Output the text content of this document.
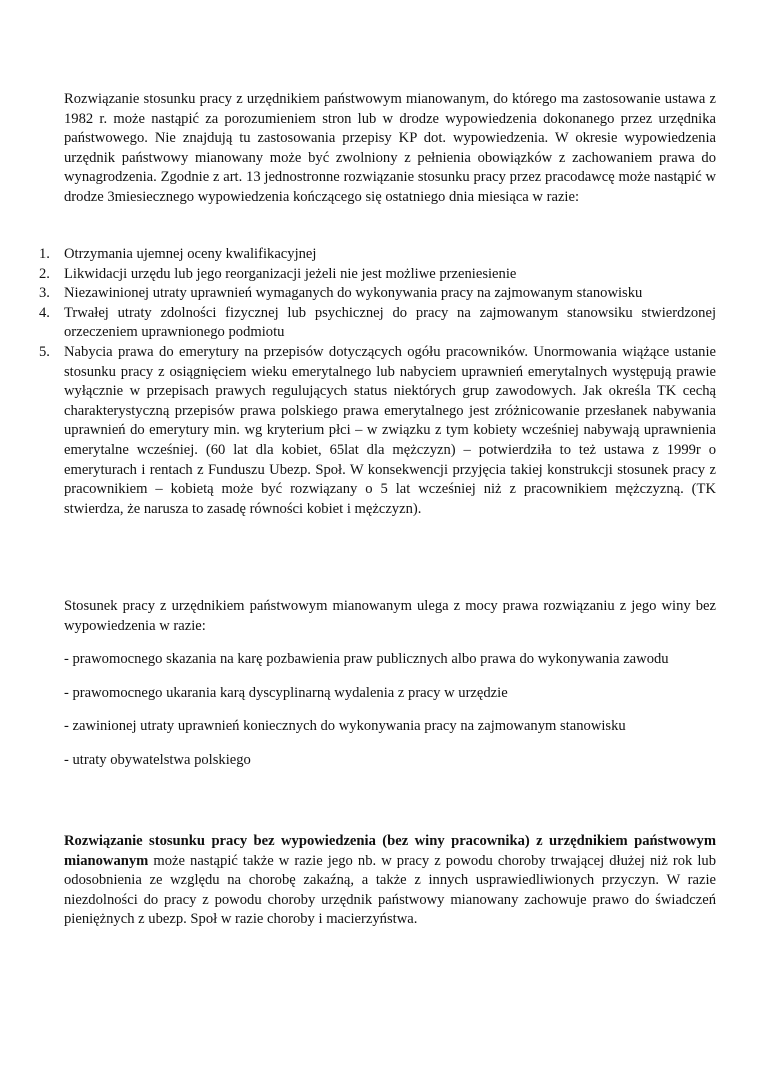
Rozwiązanie stosunku pracy z urzędnikiem państwowym mianowanym, do którego ma zastosowanie ustawa z 1982 r. może nastąpić za porozumieniem stron lub w drodze wypowiedzenia dokonanego przez urzędnika państwowego. Nie znajdują tu zastosowania przepisy KP dot. wypowiedzenia. W okresie wypowiedzenia urzędnik państwowy mianowany może być zwolniony z pełnienia obowiązków z zachowaniem prawa do wynagrodzenia. Zgodnie z art. 13 jednostronne rozwiązanie stosunku pracy przez pracodawcę może nastąpić w drodze 3miesiecznego wypowiedzenia kończącego się ostatniego dnia miesiąca w razie:

1. Otrzymania ujemnej oceny kwalifikacyjnej
2. Likwidacji urzędu lub jego reorganizacji jeżeli nie jest możliwe przeniesienie
3. Niezawinionej utraty uprawnień wymaganych do wykonywania pracy na zajmowanym stanowisku
4. Trwałej utraty zdolności fizycznej lub psychicznej do pracy na zajmowanym stanowsiku stwierdzonej orzeczeniem uprawnionego podmiotu
5. Nabycia prawa do emerytury na przepisów dotyczących ogółu pracowników. Unormowania wiążące ustanie stosunku pracy z osiągnięciem wieku emerytalnego lub nabyciem uprawnień emerytalnych występują prawie wyłącznie w przepisach prawych regulujących status niektórych grup zawodowych. Jak określa TK cechą charakterystyczną przepisów prawa polskiego prawa emerytalnego jest zróżnicowanie przesłanek nabywania uprawnień do emerytury min. wg kryterium płci – w związku z tym kobiety wcześniej nabywają uprawnienia emerytalne wcześniej. (60 lat dla kobiet, 65lat dla mężczyzn) – potwierdziła to też ustawa z 1999r o emeryturach i rentach z Funduszu Ubezp. Społ. W konsekwencji przyjęcia takiej konstrukcji stosunek pracy z pracownikiem – kobietą może być rozwiązany o 5 lat wcześniej niż z pracownikiem mężczyzną. (TK stwierdza, że narusza to zasadę równości kobiet i mężczyzn).

Stosunek pracy z urzędnikiem państwowym mianowanym ulega z mocy prawa rozwiązaniu z jego winy bez wypowiedzenia w razie:

- prawomocnego skazania na karę pozbawienia praw publicznych albo prawa do wykonywania zawodu

- prawomocnego ukarania karą dyscyplinarną wydalenia z pracy w urzędzie

- zawinionej utraty uprawnień koniecznych do wykonywania pracy na zajmowanym stanowisku

- utraty obywatelstwa polskiego

Rozwiązanie stosunku pracy bez wypowiedzenia (bez winy pracownika) z urzędnikiem państwowym mianowanym może nastąpić także w razie jego nb. w pracy z powodu choroby trwającej dłużej niż rok lub odosobnienia ze względu na chorobę zakaźną, a także z innych usprawiedliwionych przyczyn. W razie niezdolności do pracy z powodu choroby urzędnik państwowy mianowany zachowuje prawo do świadczeń pieniężnych z ubezp. Społ w razie choroby i macierzyństwa.
